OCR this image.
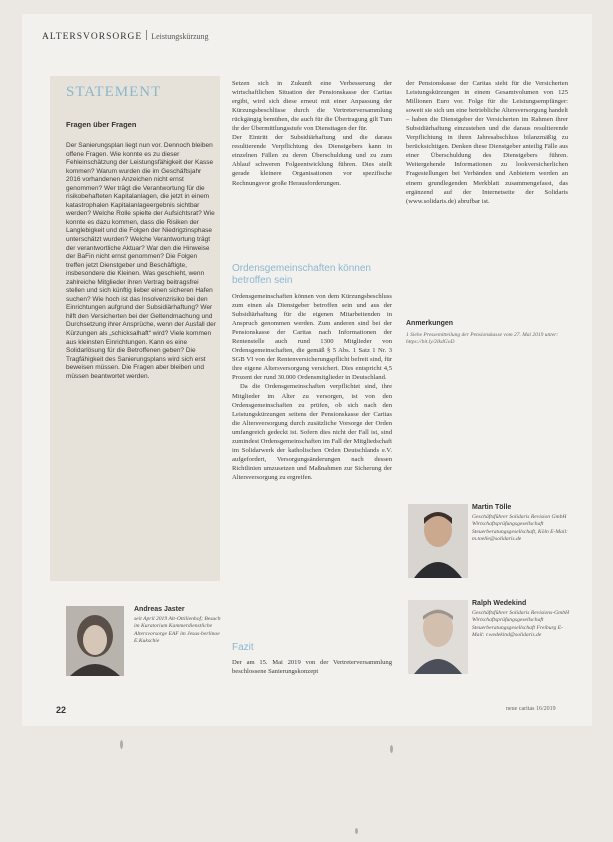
ALTERSVORSORGE Leistungskürzung
STATEMENT
Fragen über Fragen
Der Sanierungsplan liegt nun vor. Dennoch bleiben offene Fragen. Wie konnte es zu dieser Fehleinschätzung der Leistungsfähigkeit der Kasse kommen? Warum wurden die im Geschäftsjahr 2016 vorhandenen Anzeichen nicht ernst genommen? Wer trägt die Verantwortung für die risikobehafteten Kapitalanlagen, die jetzt in einem katastrophalen Kapitalanlageergebnis sichtbar werden? Welche Rolle spielte der Aufsichtsrat? Wie konnte es dazu kommen, dass die Risiken der Langlebigkeit und die Folgen der Niedrigzinsphase unterschätzt wurden? Welche Verantwortung trägt der verantwortliche Aktuar? War den die Hinweise der BaFin nicht ernst genommen? Die Folgen treffen jetzt Dienstgeber und Beschäftigte, insbesondere die Kleinen. Was geschieht, wenn zahlreiche Mitglieder ihren Vertrag beitragsfrei stellen und sich künftig lieber einen sicheren Hafen suchen? Wie hoch ist das Insolvenzrisiko bei den Einrichtungen aufgrund der Subsidiärhaftung? Wer hilft den Versicherten bei der Geltendmachung und Durchsetzung ihrer Ansprüche, wenn der Ausfall der Kürzungen als „schicksalhaft“ wird? Viele kommen aus kleinsten Einrichtungen. Kann es eine Solidarlösung für die Betroffenen geben? Die Tragfähigkeit des Sanierungsplans wird sich erst beweisen müssen. Die Fragen aber bleiben und müssen beantwortet werden.
Andreas Jaster
seit April 2019 Alt-Ottilienhof; Besuch im Kuratorium Kammerdienstliche Altersvorsorge EAF im Jesus-berlinoe E.Kukschie

Setzen sich in Zukunft eine Verbesserung der wirtschaftlichen Situation der Pensionskasse der Caritas ergibt, wird sich diese erneut mit einer Anpassung der Kürzungsbeschlüsse durch die Vertreterversammlung rückgängig bemühen, die auch für die Übertragung gilt Tum ihr der Übermittlungsstufe von Diensttagen der für.

Der Eintritt der Subsidiärhaftung und die daraus resultierende Verpflichtung des Dienstgebers kann in einzelnen Fällen zu deren Überschuldung und zu zum Ablauf schweren Folgeentwicklung führen. Dies stellt gerade kleinere Organisationen vor spezifische Rechnungsvor große Herausforderungen.

Ordensgemeinschaften können betroffen sein

Ordensgemeinschaften können von dem Kürzungsbeschluss zum einen als Dienstgeber betroffen sein und aus der Subsidiärhaftung für die eigenen Mitarbeitenden in Anspruch genommen werden. Zum anderen sind bei der Pensionskasse der Caritas nach Informationen der Rentenstelle auch rund 1300 Mitglieder von Ordensgemeinschaften, die gemäß § 5 Abs. 1 Satz 1 Nr. 3 SGB VI von der Rentenversicherungspflicht befreit sind, für ihre eigene Altersversorgung versichert. Dies entspricht 4,5 Prozent der rund 30.000 Ordensmitglieder in Deutschland.

Da die Ordensgemeinschaften verpflichtet sind, ihre Mitglieder im Alter zu versorgen, ist von den Ordensgemeinschaften zu prüfen, ob sich nach den Leistungskürzungen seitens der Pensionskasse der Caritas die Altersversorgung durch zusätzliche Vorsorge der Orden umfangreich gedeckt ist. Sofern dies nicht der Fall ist, sind zumindest Ordensgemeinschaften im Fall der Mitgliedschaft im Solidarwerk der katholischen Orden Deutschlands e.V. aufgefordert, Versorgungsänderungen nach dessen Richtlinien umzusetzen und Maßnahmen zur Sicherung der Altersversorgung zu ergreifen.

Fazit

Der am 15. Mai 2019 von der Vertreterversammlung beschlossene Sanierungskonzept

der Pensionskasse der Caritas sieht für die Versicherten Leistungskürzungen in einem Gesamtvolumen von 125 Millionen Euro vor. Folge für die Leistungsempfänger: soweit sie sich um eine betriebliche Altersversorgung handelt – haben die Dienstgeber der Versicherten im Rahmen ihrer Subsidiärhaftung einzustehen und die daraus resultierende Verpflichtung in ihren Jahresabschluss bilanzmäßig zu berücksichtigen. Denken diese Dienstgeber anteilig Fälle aus einer Überschuldung des Dienstgebers führen. Weitergehende Informationen zu lookversicherlichen Fragestellungen bei Verbänden und Anbietern werden an einem grundlegenden Merkblatt zusammengefasst, das ergänzend auf der Internetseite der Solidaris (www.solidaris.de) abrufbar ist.

Anmerkungen
1 Siehe Pressemitteilung der Pensionskasse vom 27. Mai 2019 unter: https://bit.ly/2lkdGoD
Martin Tölle
Geschäftsführer Solidaris Revision GmbH Wirtschaftsprüfungsgesellschaft Steuerberatungsgesellschaft, Köln E-Mail: m.toelle@solidaris.de
Ralph Wedekind
Geschäftsführer Solidaris Revisions-GmbH Wirtschaftsprüfungsgesellschaft Steuerberatungsgesellschaft Freiburg E-Mail: r.wedekind@solidaris.de
22	neue caritas 16/2019
